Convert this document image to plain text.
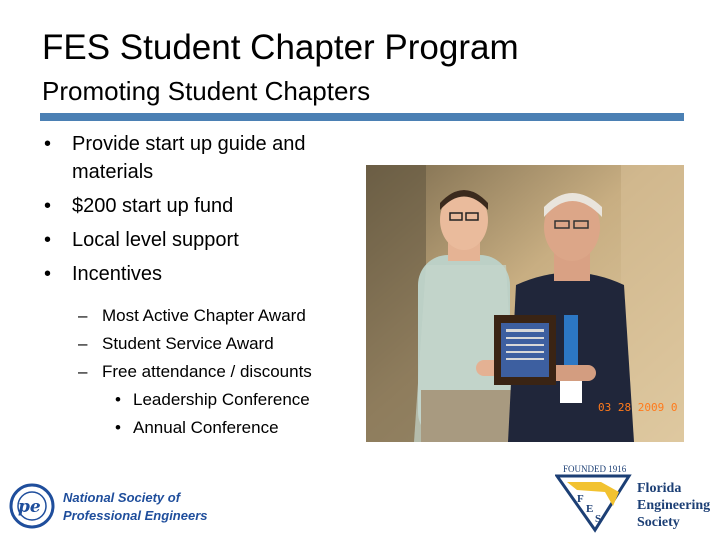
FES Student Chapter Program
Promoting Student Chapters
• Provide start up guide and materials
• $200 start up fund
• Local level support
• Incentives
– Most Active Chapter Award
– Student Service Award
– Free attendance / discounts
• Leadership Conference
• Annual Conference
03 28 2009 0
pe National Society of
Professional Engineers
FOUNDED 1916
F
E
S
Florida
Engineering
Society
